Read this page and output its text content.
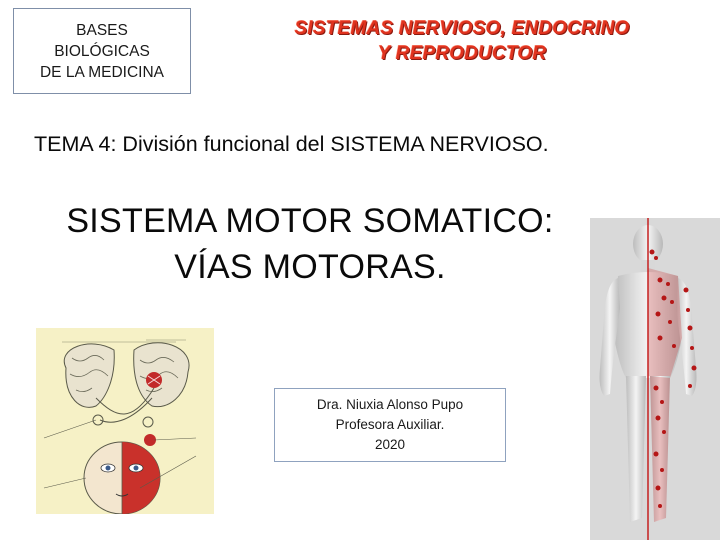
BASES
BIOLÓGICAS
DE LA MEDICINA
SISTEMAS NERVIOSO, ENDOCRINO
Y REPRODUCTOR
TEMA 4: División funcional del SISTEMA NERVIOSO.
SISTEMA MOTOR SOMATICO:
VÍAS MOTORAS.
Dra. Niuxia Alonso Pupo
Profesora Auxiliar.
2020
